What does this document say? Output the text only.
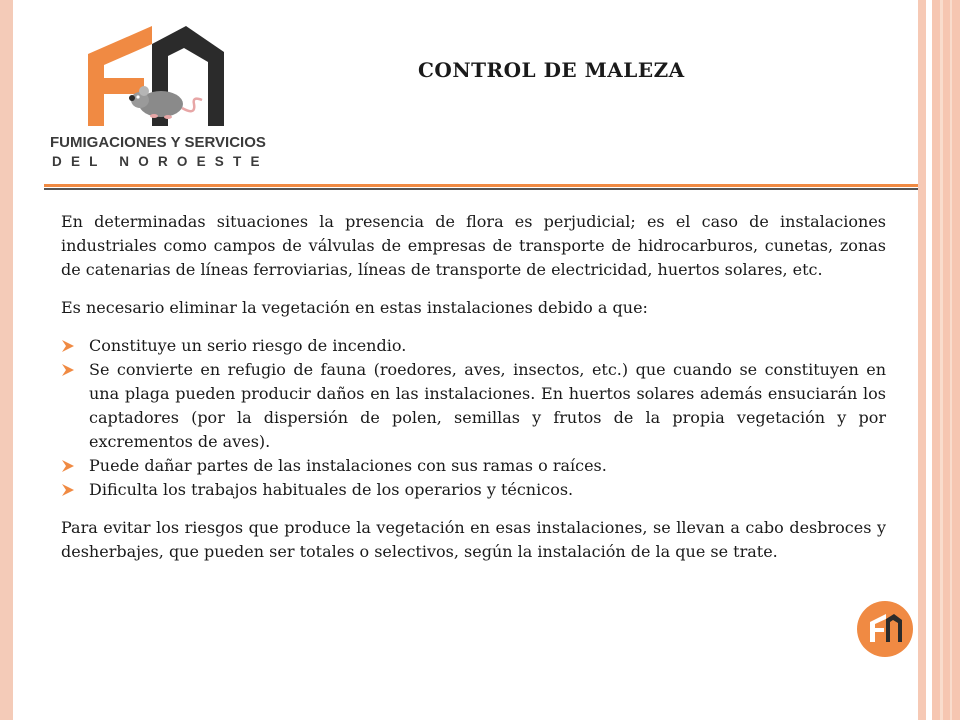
FUMIGACIONES Y SERVICIOS
DEL NOROESTE
CONTROL DE MALEZA

En determinadas situaciones la presencia de flora es perjudicial; es el caso de instalaciones industriales como campos de válvulas de empresas de transporte de hidrocarburos, cunetas, zonas de catenarias de líneas ferroviarias, líneas de transporte de electricidad, huertos solares, etc.

Es necesario eliminar la vegetación en estas instalaciones debido a que:

Constituye un serio riesgo de incendio.
Se convierte en refugio de fauna (roedores, aves, insectos, etc.) que cuando se constituyen en una plaga pueden producir daños en las instalaciones. En huertos solares además ensuciarán los captadores (por la dispersión de polen, semillas y frutos de la propia vegetación y por excrementos de aves).
Puede dañar partes de las instalaciones con sus ramas o raíces.
Dificulta los trabajos habituales de los operarios y técnicos.

Para evitar los riesgos que produce la vegetación en esas instalaciones, se llevan a cabo desbroces y desherbajes, que pueden ser totales o selectivos, según la instalación de la que se trate.
